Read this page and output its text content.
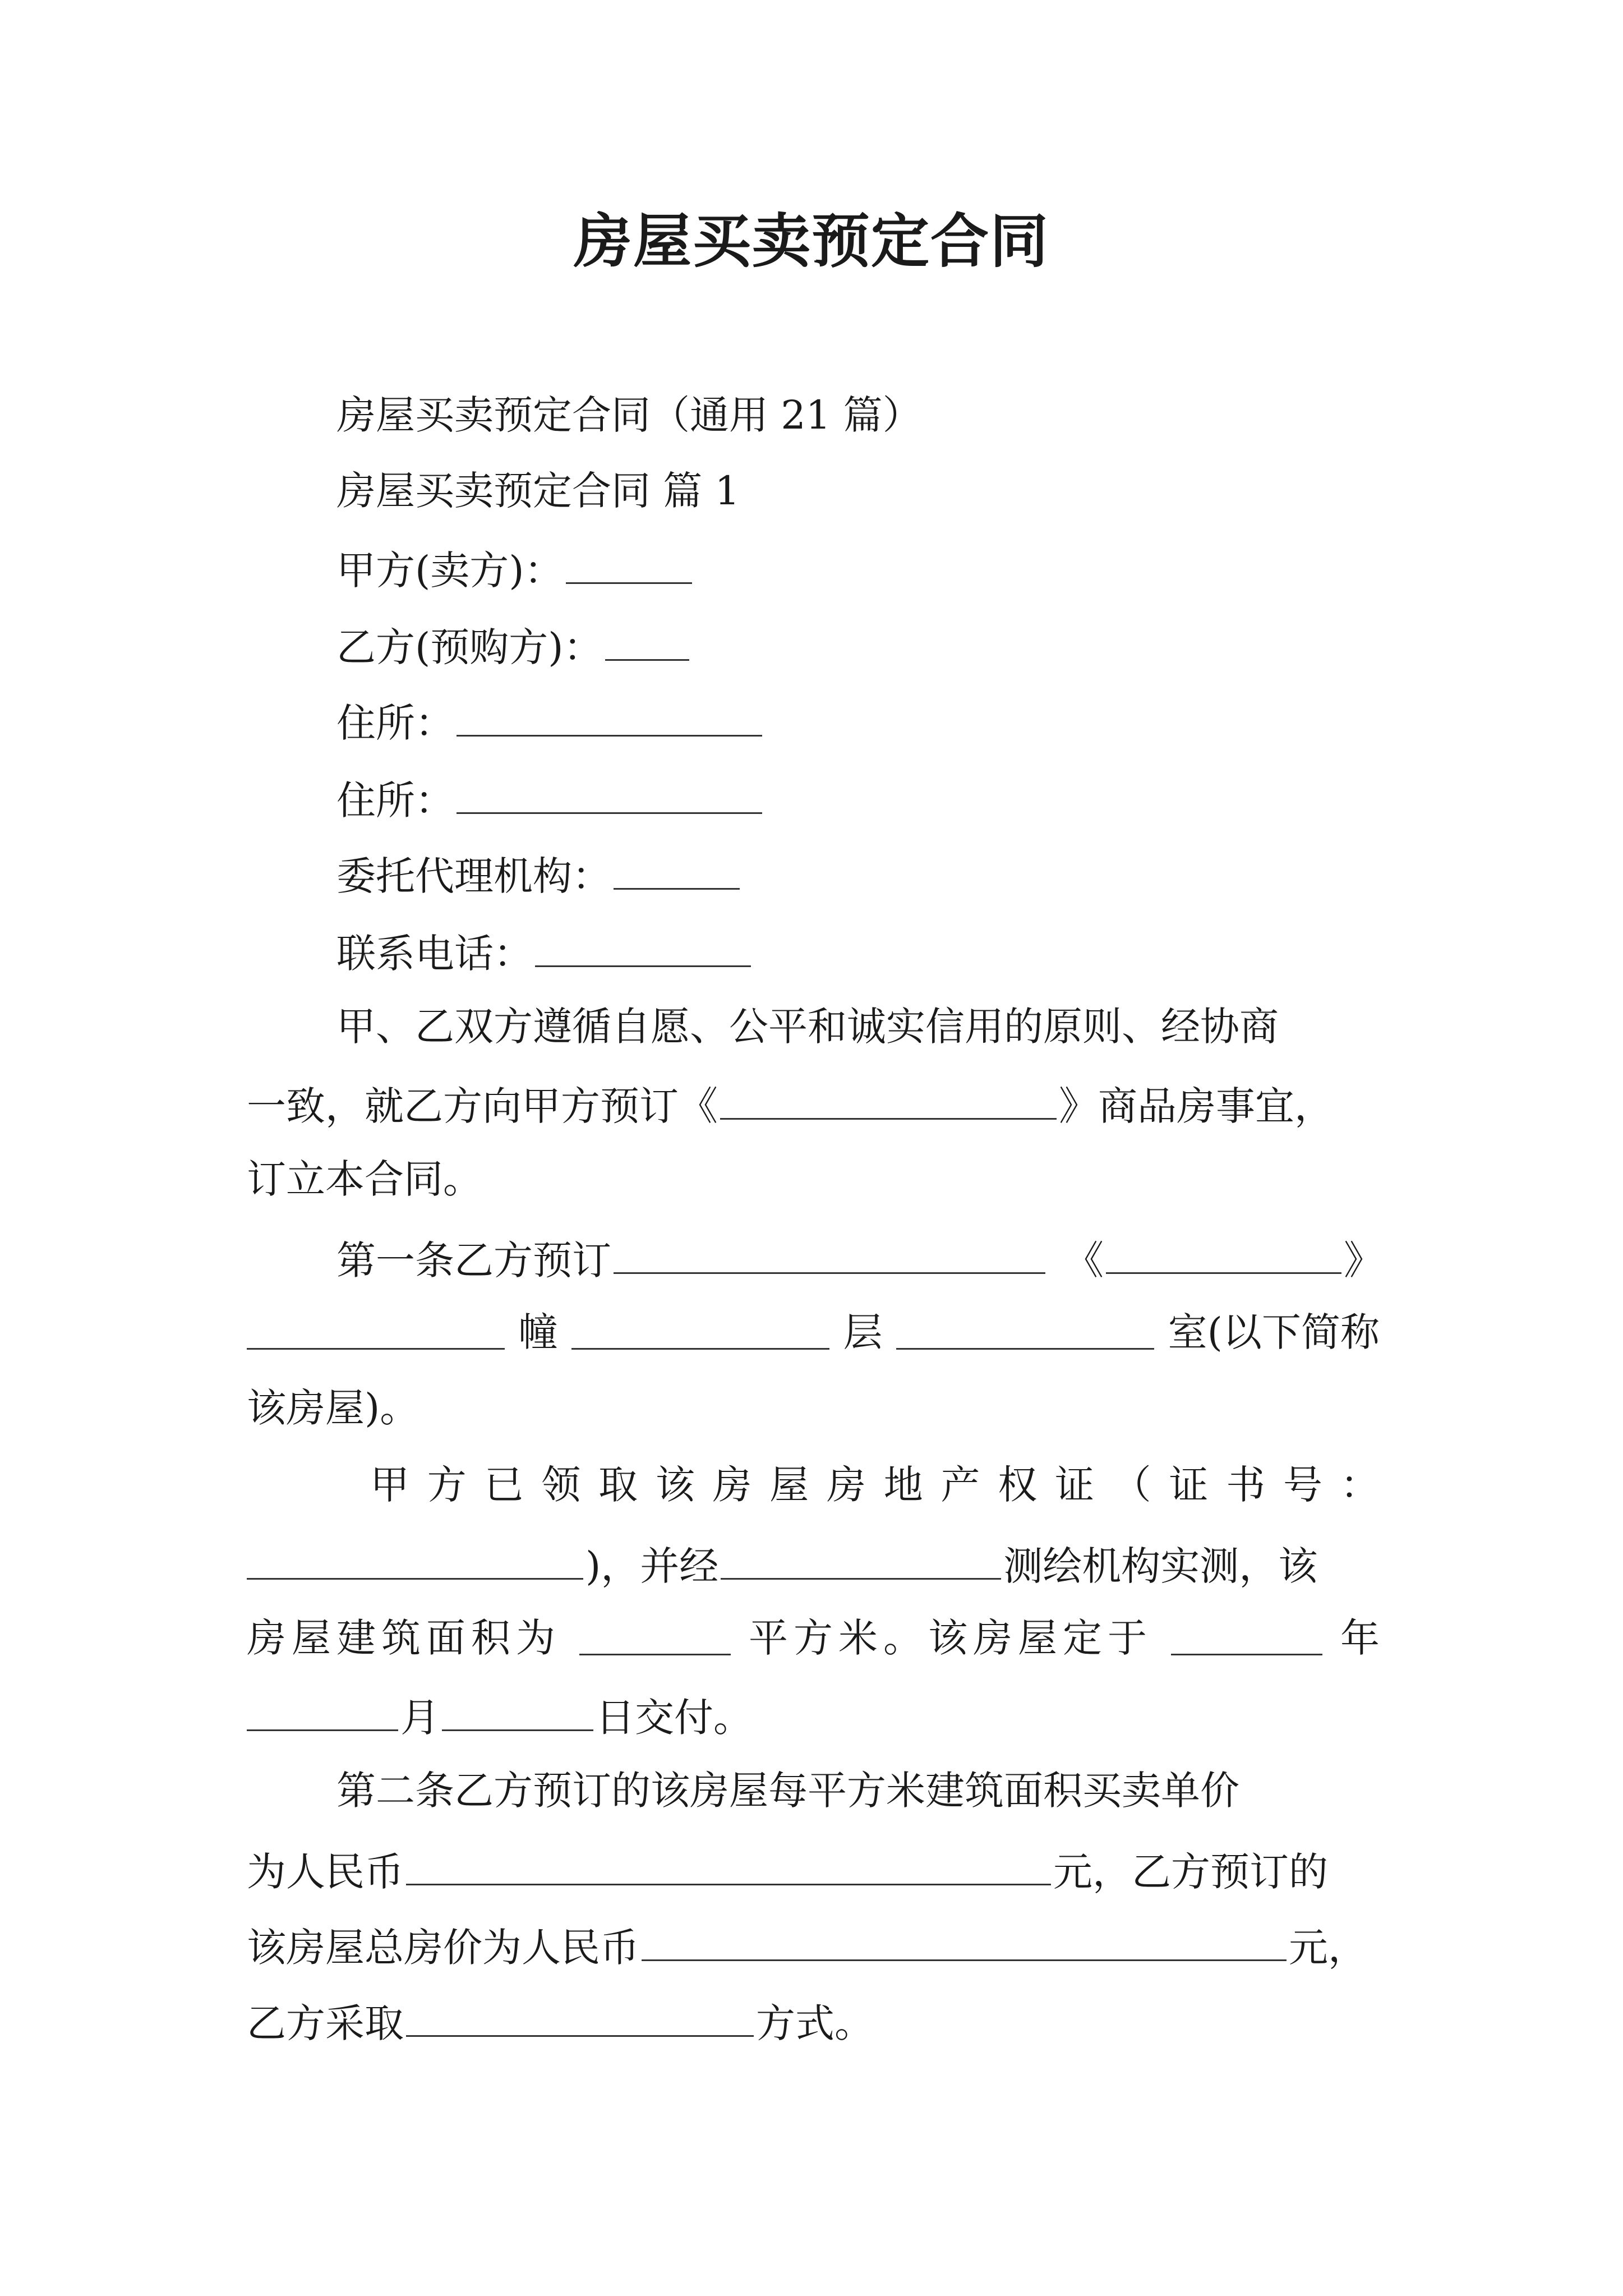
房屋买卖预定合同
房屋买卖预定合同（通用 21 篇）
房屋买卖预定合同 篇 1
甲方(卖方)：
乙方(预购方)：
住所：
住所：
委托代理机构：
联系电话：
甲、乙双方遵循自愿、公平和诚实信用的原则、经协商
一致，就乙方向甲方预订《	》商品房事宜，
订立本合同。
第一条乙方预订	《	》
幢	层	室(以下简称
该房屋)。
甲 方 已 领 取 该 房 屋 房 地 产 权 证 （ 证 书 号 ：
)，并经	测绘机构实测，该
房屋建筑面积为	平方米。该房屋定于	年
月	日交付。
第二条乙方预订的该房屋每平方米建筑面积买卖单价
为人民币	元，乙方预订的
该房屋总房价为人民币	元，
乙方采取	方式。
